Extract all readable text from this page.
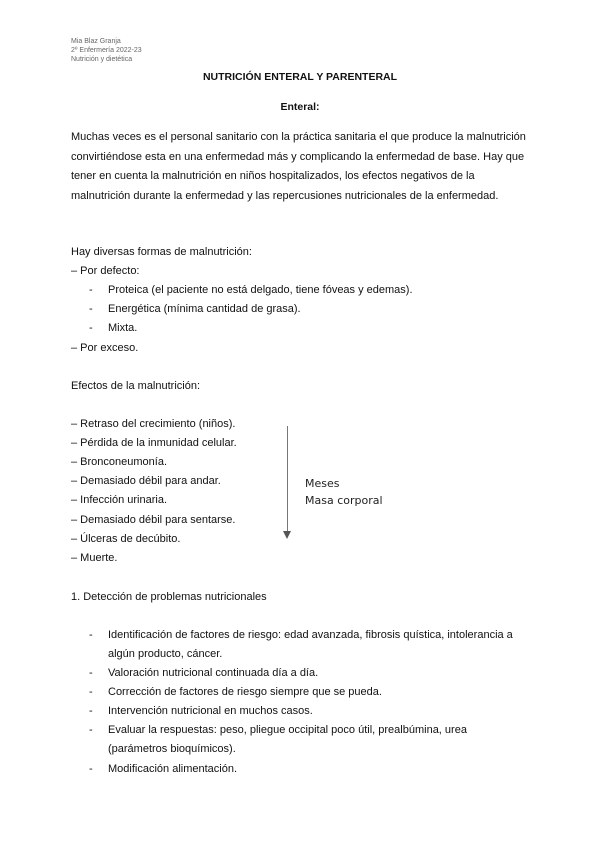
Mia Blaz Granja
2º Enfermería 2022-23
Nutrición y dietética
NUTRICIÓN ENTERAL Y PARENTERAL
Enteral:
Muchas veces es el personal sanitario con la práctica sanitaria el que produce la malnutrición convirtiéndose esta en una enfermedad más y complicando la enfermedad de base. Hay que tener en cuenta la malnutrición en niños hospitalizados, los efectos negativos de la malnutrición durante la enfermedad y las repercusiones nutricionales de la enfermedad.
Hay diversas formas de malnutrición:
– Por defecto:
- Proteica (el paciente no está delgado, tiene fóveas y edemas).
- Energética (mínima cantidad de grasa).
- Mixta.
– Por exceso.
Efectos de la malnutrición:
– Retraso del crecimiento (niños).
– Pérdida de la inmunidad celular.
– Bronconeumonía.
– Demasiado débil para andar.
– Infección urinaria.
– Demasiado débil para sentarse.
– Úlceras de decúbito.
– Muerte.
Meses
Masa corporal
1. Detección de problemas nutricionales
- Identificación de factores de riesgo: edad avanzada, fibrosis quística, intolerancia a algún producto, cáncer.
- Valoración nutricional continuada día a día.
- Corrección de factores de riesgo siempre que se pueda.
- Intervención nutricional en muchos casos.
- Evaluar la respuestas: peso, pliegue occipital poco útil, prealbúmina, urea (parámetros bioquímicos).
- Modificación alimentación.
